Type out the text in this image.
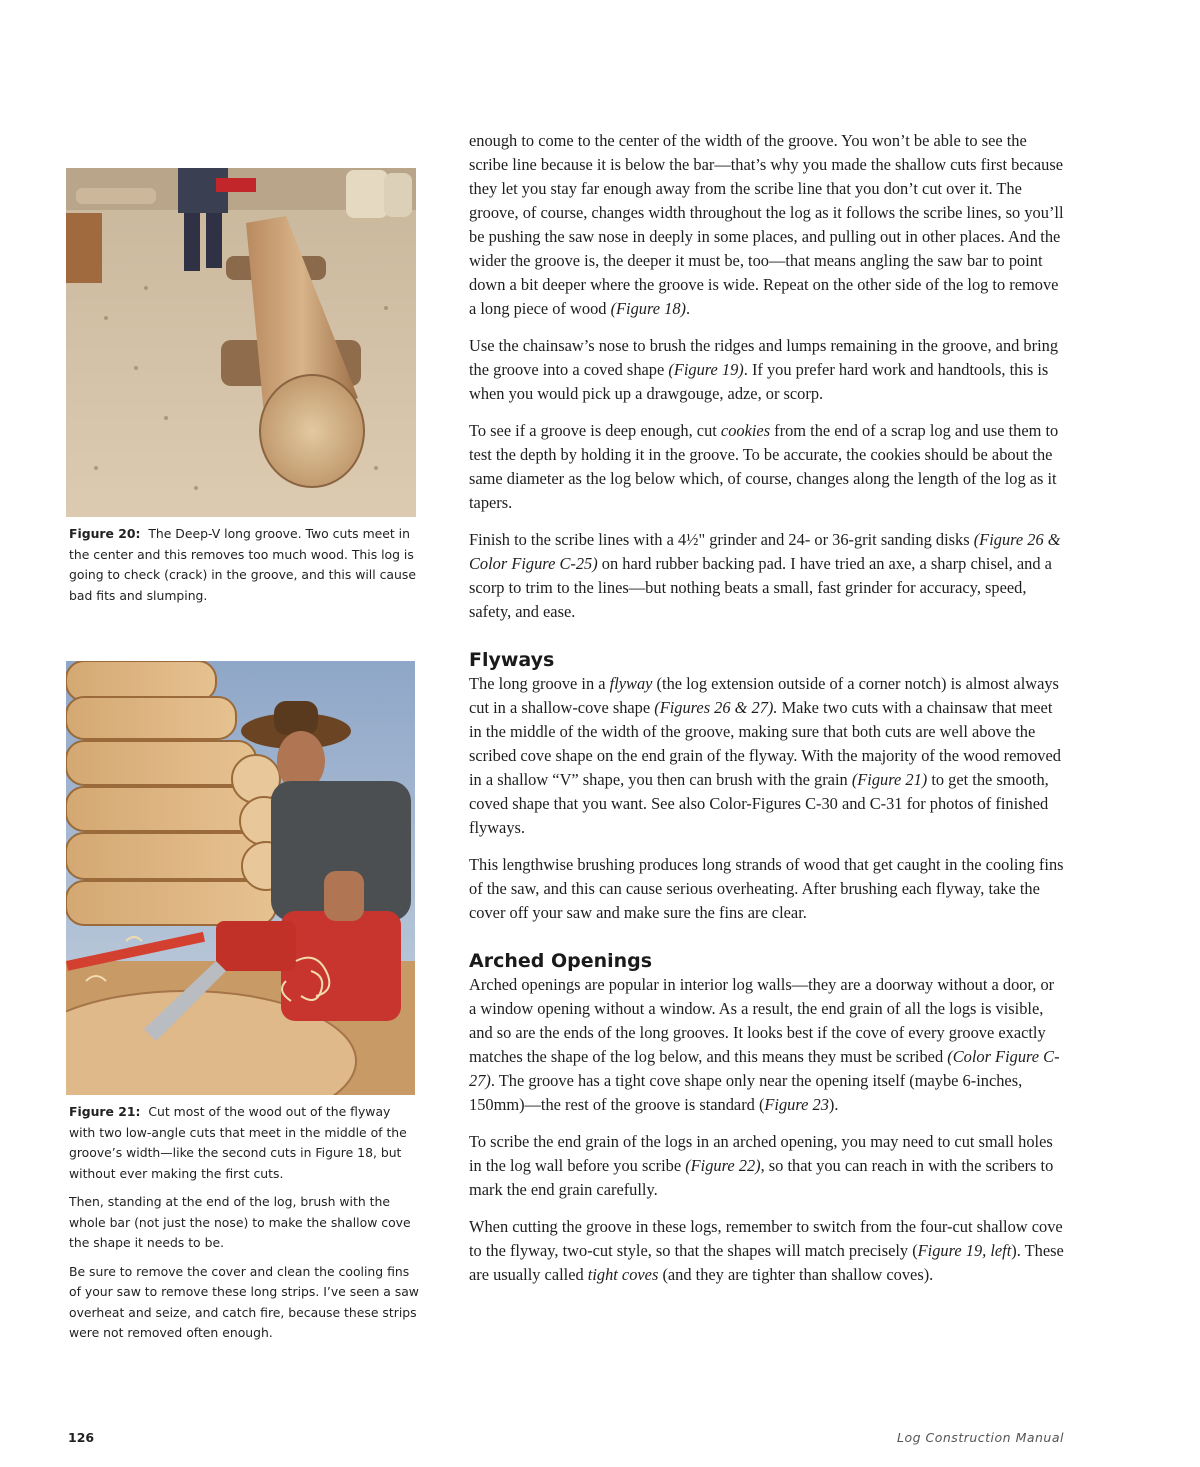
Figure 20: The Deep-V long groove. Two cuts meet in the center and this removes too much wood. This log is going to check (crack) in the groove, and this will cause bad fits and slumping.

Figure 21: Cut most of the wood out of the flyway with two low-angle cuts that meet in the middle of the groove’s width—like the second cuts in Figure 18, but without ever making the first cuts.

Then, standing at the end of the log, brush with the whole bar (not just the nose) to make the shallow cove the shape it needs to be.

Be sure to remove the cover and clean the cooling fins of your saw to remove these long strips. I’ve seen a saw overheat and seize, and catch fire, because these strips were not removed often enough.

enough to come to the center of the width of the groove. You won’t be able to see the scribe line because it is below the bar—that’s why you made the shallow cuts first because they let you stay far enough away from the scribe line that you don’t cut over it. The groove, of course, changes width throughout the log as it follows the scribe lines, so you’ll be pushing the saw nose in deeply in some places, and pulling out in other places. And the wider the groove is, the deeper it must be, too—that means angling the saw bar to point down a bit deeper where the groove is wide. Repeat on the other side of the log to remove a long piece of wood (Figure 18).

Use the chainsaw’s nose to brush the ridges and lumps remaining in the groove, and bring the groove into a coved shape (Figure 19). If you prefer hard work and handtools, this is when you would pick up a drawgouge, adze, or scorp.

To see if a groove is deep enough, cut cookies from the end of a scrap log and use them to test the depth by holding it in the groove. To be accurate, the cookies should be about the same diameter as the log below which, of course, changes along the length of the log as it tapers.

Finish to the scribe lines with a 4½" grinder and 24- or 36-grit sanding disks (Figure 26 & Color Figure C-25) on hard rubber backing pad. I have tried an axe, a sharp chisel, and a scorp to trim to the lines—but nothing beats a small, fast grinder for accuracy, speed, safety, and ease.

Flyways

The long groove in a flyway (the log extension outside of a corner notch) is almost always cut in a shallow-cove shape (Figures 26 & 27). Make two cuts with a chainsaw that meet in the middle of the width of the groove, making sure that both cuts are well above the scribed cove shape on the end grain of the flyway. With the majority of the wood removed in a shallow “V” shape, you then can brush with the grain (Figure 21) to get the smooth, coved shape that you want. See also Color-Figures C-30 and C-31 for photos of finished flyways.

This lengthwise brushing produces long strands of wood that get caught in the cooling fins of the saw, and this can cause serious overheating. After brushing each flyway, take the cover off your saw and make sure the fins are clear.

Arched Openings

Arched openings are popular in interior log walls—they are a doorway without a door, or a window opening without a window. As a result, the end grain of all the logs is visible, and so are the ends of the long grooves. It looks best if the cove of every groove exactly matches the shape of the log below, and this means they must be scribed (Color Figure C-27). The groove has a tight cove shape only near the opening itself (maybe 6-inches, 150mm)—the rest of the groove is standard (Figure 23).

To scribe the end grain of the logs in an arched opening, you may need to cut small holes in the log wall before you scribe (Figure 22), so that you can reach in with the scribers to mark the end grain carefully.

When cutting the groove in these logs, remember to switch from the four-cut shallow cove to the flyway, two-cut style, so that the shapes will match precisely (Figure 19, left). These are usually called tight coves (and they are tighter than shallow coves).

126	Log Construction Manual
